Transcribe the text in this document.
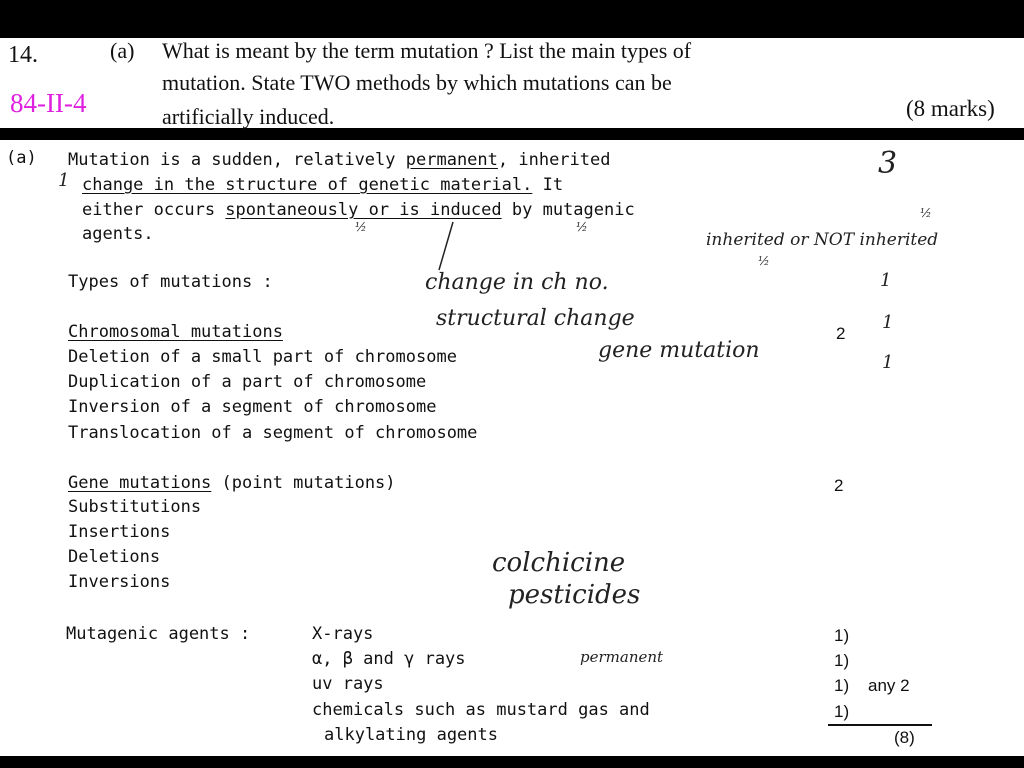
14.	(a) What is meant by the term mutation ? List the main types of
mutation. State TWO methods by which mutations can be
artificially induced.	(8 marks)
84-II-4
(a) Mutation is a sudden, relatively permanent, inherited
1 change in the structure of genetic material. It
either occurs spontaneously or is induced by mutagenic
agents.
3
½	½
½
½
inherited or NOT inherited
Types of mutations :	change in ch no.
structural change
gene mutation
1
1
1
Chromosomal mutations	2
Deletion of a small part of chromosome
Duplication of a part of chromosome
Inversion of a segment of chromosome
Translocation of a segment of chromosome
Gene mutations (point mutations)	2
Substitutions
Insertions
Deletions
Inversions
colchicine
pesticides
Mutagenic agents :	X-rays
α, β and γ rays
uv rays
chemicals such as mustard gas and
alkylating agents
permanent
1)
1)
1)
1)
any 2
(8)
